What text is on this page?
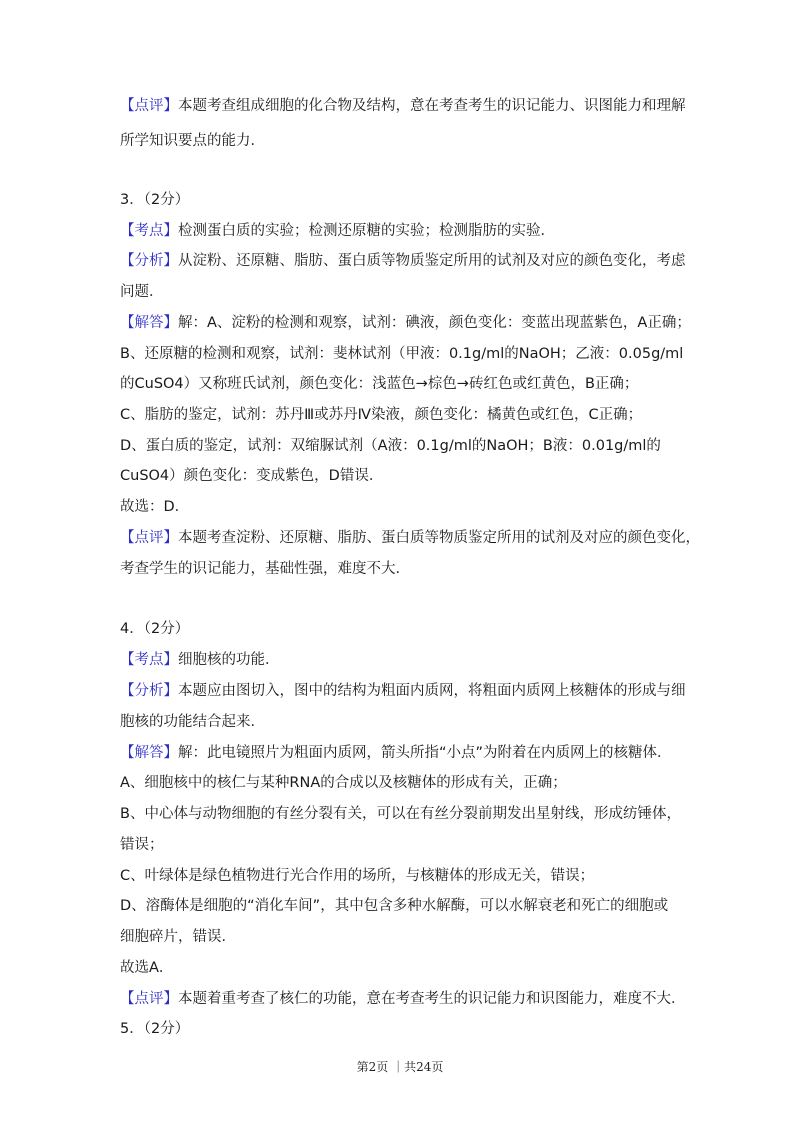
【点评】本题考查组成细胞的化合物及结构，意在考查考生的识记能力、识图能力和理解
所学知识要点的能力．
3．（2分）
【考点】检测蛋白质的实验；检测还原糖的实验；检测脂肪的实验．
【分析】从淀粉、还原糖、脂肪、蛋白质等物质鉴定所用的试剂及对应的颜色变化，考虑
问题．
【解答】解：A、淀粉的检测和观察，试剂：碘液，颜色变化：变蓝出现蓝紫色，A正确；
B、还原糖的检测和观察，试剂：斐林试剂（甲液：0.1g/ml的NaOH；乙液：0.05g/ml
的CuSO4）又称班氏试剂，颜色变化：浅蓝色→棕色→砖红色或红黄色，B正确；
C、脂肪的鉴定，试剂：苏丹Ⅲ或苏丹Ⅳ染液，颜色变化：橘黄色或红色，C正确；
D、蛋白质的鉴定，试剂：双缩脲试剂（A液：0.1g/ml的NaOH；B液：0.01g/ml的
CuSO4）颜色变化：变成紫色，D错误．
故选：D．
【点评】本题考查淀粉、还原糖、脂肪、蛋白质等物质鉴定所用的试剂及对应的颜色变化，
考查学生的识记能力，基础性强，难度不大．
4．（2分）
【考点】细胞核的功能．
【分析】本题应由图切入，图中的结构为粗面内质网，将粗面内质网上核糖体的形成与细
胞核的功能结合起来．
【解答】解：此电镜照片为粗面内质网，箭头所指“小点”为附着在内质网上的核糖体．
A、细胞核中的核仁与某种RNA的合成以及核糖体的形成有关，正确；
B、中心体与动物细胞的有丝分裂有关，可以在有丝分裂前期发出星射线，形成纺锤体，
错误；
C、叶绿体是绿色植物进行光合作用的场所，与核糖体的形成无关，错误；
D、溶酶体是细胞的“消化车间”，其中包含多种水解酶，可以水解衰老和死亡的细胞或
细胞碎片，错误．
故选A．
【点评】本题着重考查了核仁的功能，意在考查考生的识记能力和识图能力，难度不大．
5．（2分）
第2页 ｜共24页
